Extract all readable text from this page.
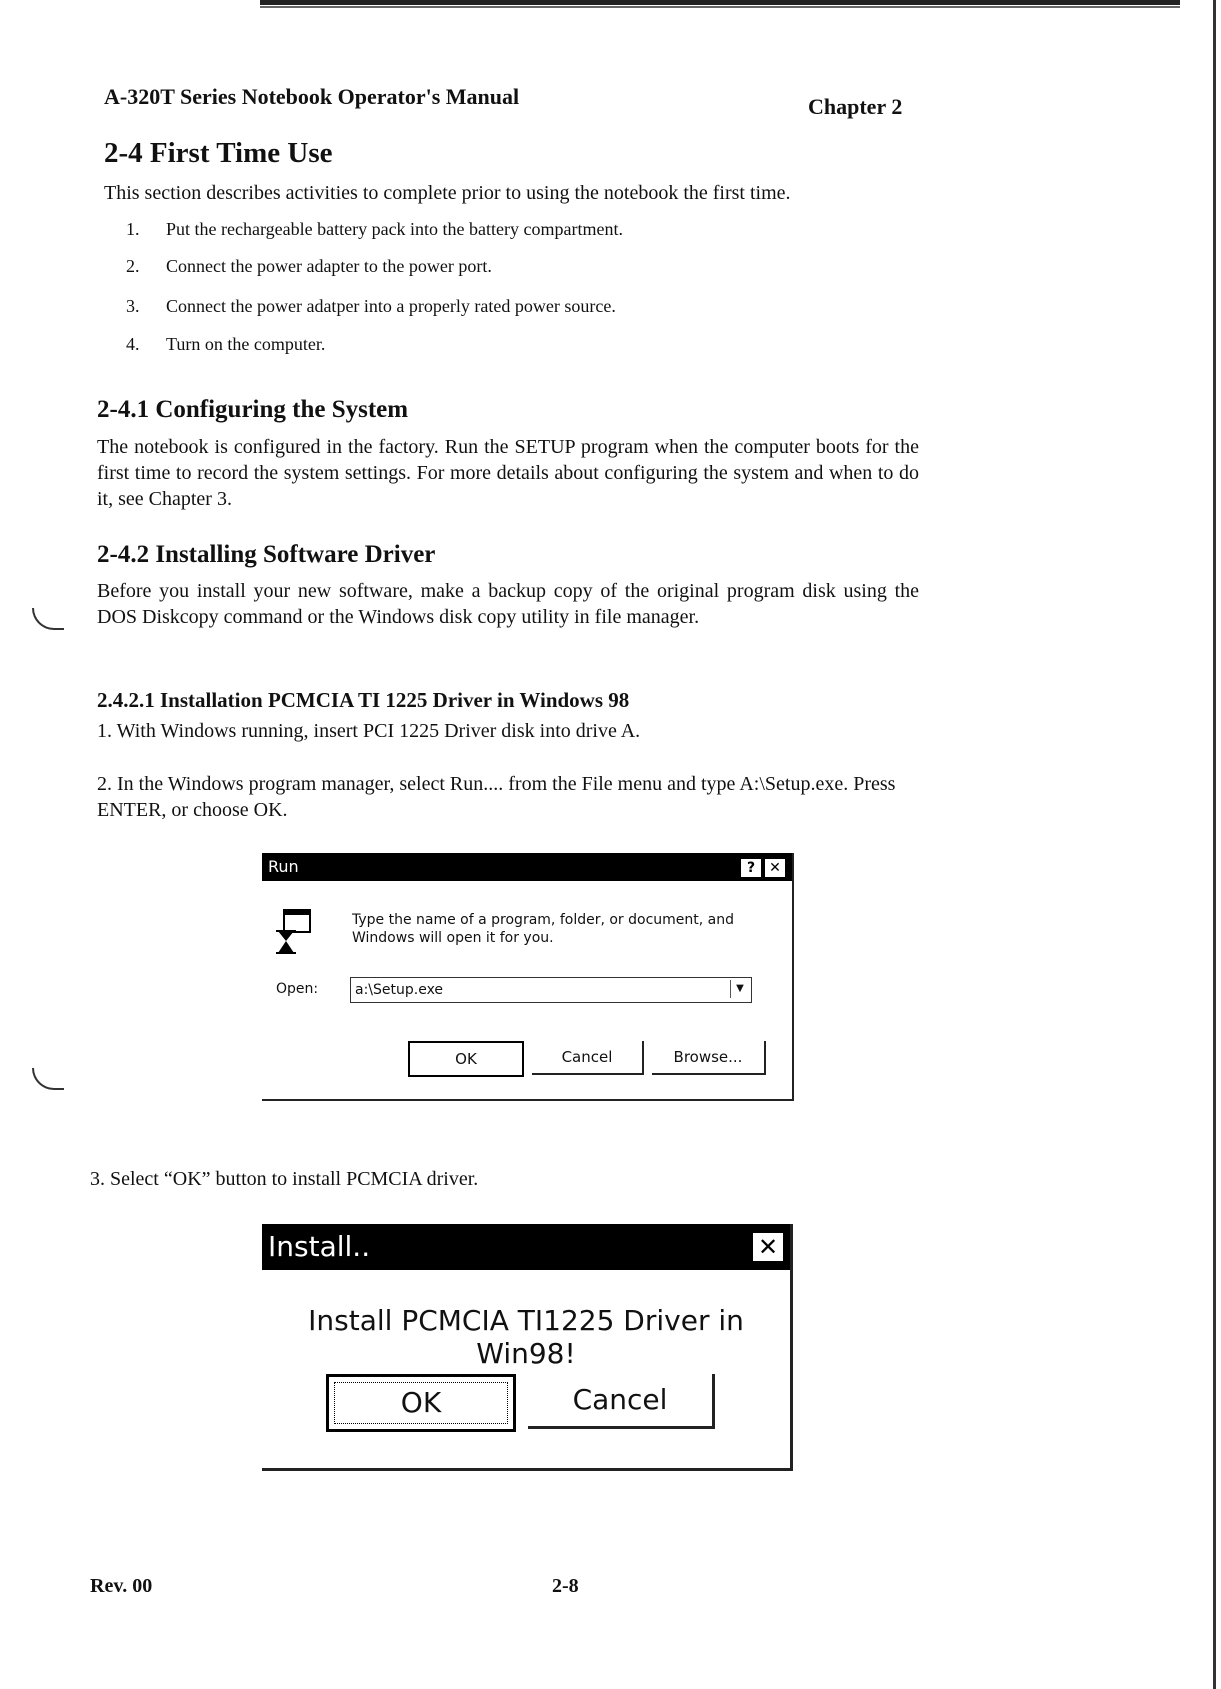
A-320T Series Notebook Operator's Manual	Chapter 2
2-4 First Time Use
This section describes activities to complete prior to using the notebook the first time.
1. Put the rechargeable battery pack into the battery compartment.
2. Connect the power adapter to the power port.
3. Connect the power adatper into a properly rated power source.
4. Turn on the computer.
2-4.1 Configuring the System
The notebook is configured in the factory. Run the SETUP program when the computer boots for the first time to record the system settings. For more details about configuring the system and when to do it, see Chapter 3.
2-4.2 Installing Software Driver
Before you install your new software, make a backup copy of the original program disk using the DOS Diskcopy command or the Windows disk copy utility in file manager.
2.4.2.1 Installation PCMCIA TI 1225 Driver in Windows 98
1. With Windows running, insert PCI 1225 Driver disk into drive A.
2. In the Windows program manager, select Run.... from the File menu and type A:\Setup.exe. Press ENTER, or choose OK.
Run	?	✕
Type the name of a program, folder, or document, and Windows will open it for you.
Open:	a:\Setup.exe	▼
OK	Cancel	Browse...
3. Select “OK” button to install PCMCIA driver.
Install..	✕
Install PCMCIA TI1225 Driver in Win98!
OK	Cancel
Rev. 00	2-8
